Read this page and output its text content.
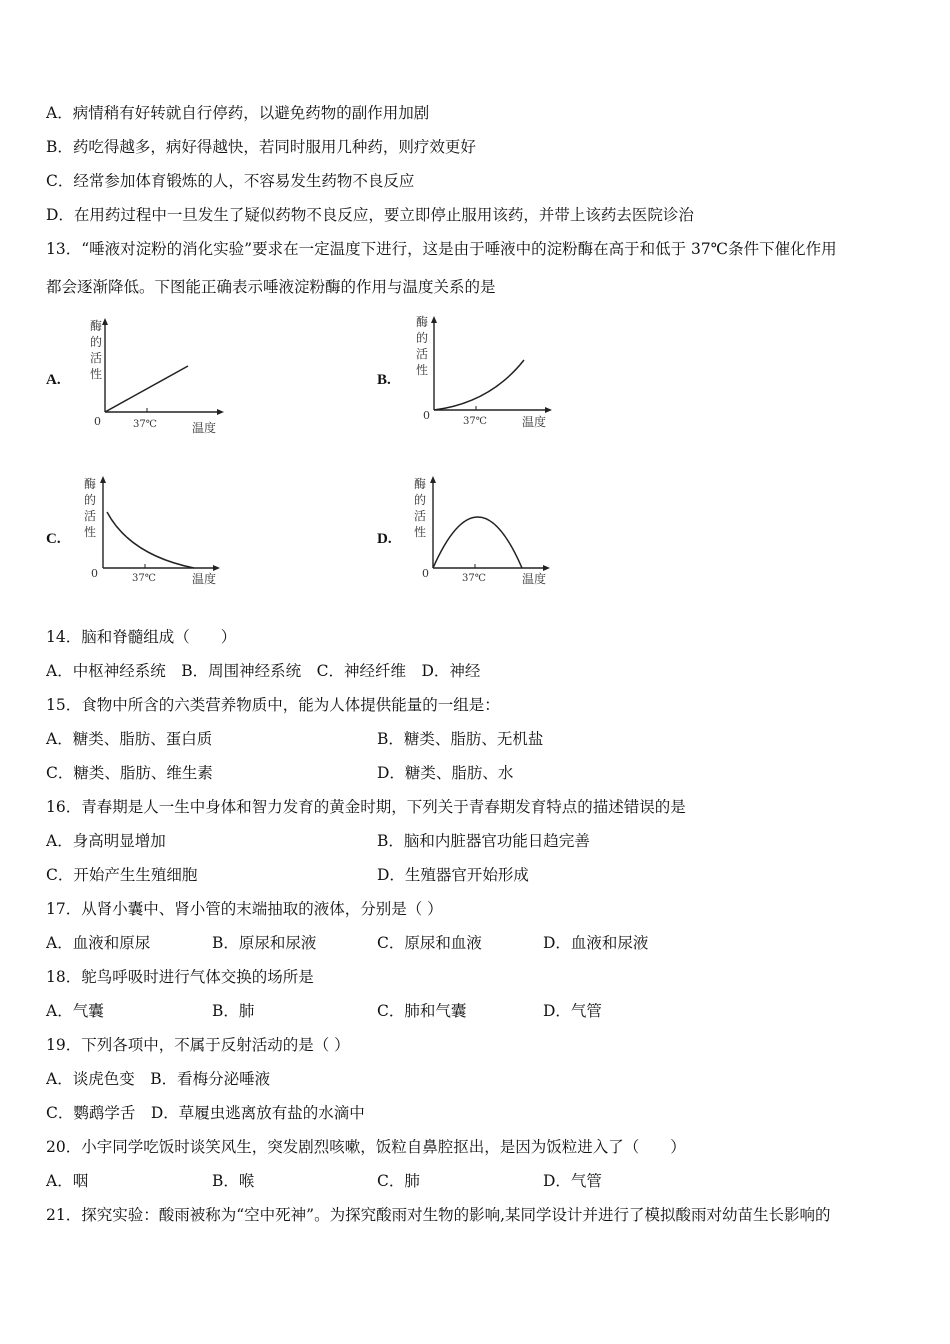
A．病情稍有好转就自行停药，以避免药物的副作用加剧
B．药吃得越多，病好得越快，若同时服用几种药，则疗效更好
C．经常参加体育锻炼的人，不容易发生药物不良反应
D．在用药过程中一旦发生了疑似药物不良反应，要立即停止服用该药，并带上该药去医院诊治
13．“唾液对淀粉的消化实验”要求在一定温度下进行，这是由于唾液中的淀粉酶在高于和低于 37℃条件下催化作用
都会逐渐降低。下图能正确表示唾液淀粉酶的作用与温度关系的是
A.	B.
C.	D.
酶
的
活
性
0	37℃	温度
酶
的
活
性
0	37℃	温度
酶
的
活
性
0	37℃	温度
酶
的
活
性
0	37℃	温度
14．脑和脊髓组成（　　）
A．中枢神经系统　B．周围神经系统　C．神经纤维　D．神经
15．食物中所含的六类营养物质中，能为人体提供能量的一组是：
A．糖类、脂肪、蛋白质	B．糖类、脂肪、无机盐
C．糖类、脂肪、维生素	D．糖类、脂肪、水
16．青春期是人一生中身体和智力发育的黄金时期，下列关于青春期发育特点的描述错误的是
A．身高明显增加	B．脑和内脏器官功能日趋完善
C．开始产生生殖细胞	D．生殖器官开始形成
17．从肾小囊中、肾小管的末端抽取的液体，分别是（ ）
A．血液和原尿	B．原尿和尿液	C．原尿和血液	D．血液和尿液
18．鸵鸟呼吸时进行气体交换的场所是
A．气囊	B．肺	C．肺和气囊	D．气管
19．下列各项中，不属于反射活动的是（ ）
A．谈虎色变　B．看梅分泌唾液
C．鹦鹉学舌　D．草履虫逃离放有盐的水滴中
20．小宇同学吃饭时谈笑风生，突发剧烈咳嗽，饭粒自鼻腔抠出，是因为饭粒进入了（　　）
A．咽	B．喉	C．肺	D．气管
21．探究实验：酸雨被称为“空中死神”。为探究酸雨对生物的影响,某同学设计并进行了模拟酸雨对幼苗生长影响的
